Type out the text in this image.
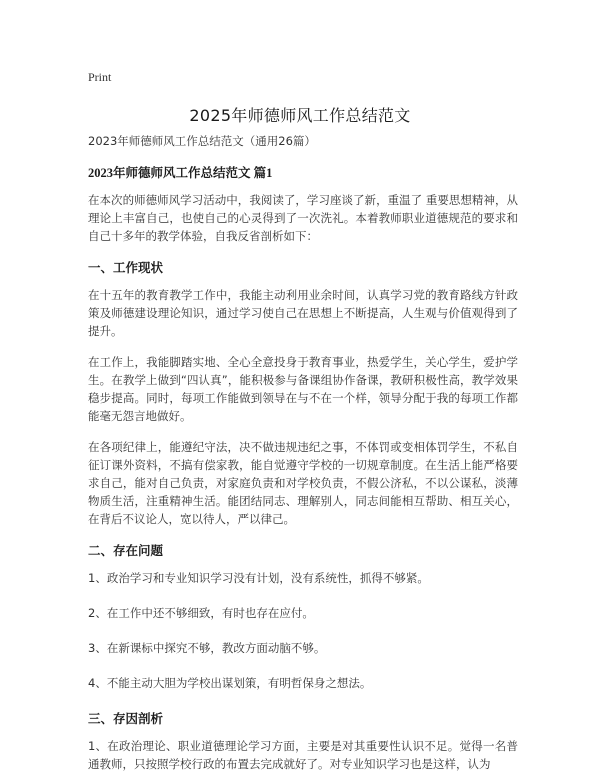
Print
2025年师德师风工作总结范文

2023年师德师风工作总结范文（通用26篇）

2023年师德师风工作总结范文 篇1

在本次的师德师风学习活动中，我阅读了，学习座谈了新，重温了 重要思想精神，从理论上丰富自己，也使自己的心灵得到了一次洗礼。本着教师职业道德规范的要求和自己十多年的教学体验，自我反省剖析如下：

一、工作现状

在十五年的教育教学工作中，我能主动利用业余时间，认真学习党的教育路线方针政策及师德建设理论知识，通过学习使自己在思想上不断提高，人生观与价值观得到了提升。

在工作上，我能脚踏实地、全心全意投身于教育事业，热爱学生，关心学生，爱护学生。在教学上做到“四认真”，能积极参与备课组协作备课，教研积极性高，教学效果稳步提高。同时，每项工作能做到领导在与不在一个样，领导分配于我的每项工作都能毫无怨言地做好。

在各项纪律上，能遵纪守法，决不做违规违纪之事，不体罚或变相体罚学生，不私自征订课外资料，不搞有偿家教，能自觉遵守学校的一切规章制度。在生活上能严格要求自己，能对自己负责，对家庭负责和对学校负责，不假公济私，不以公谋私，淡薄物质生活，注重精神生活。能团结同志、理解别人，同志间能相互帮助、相互关心，在背后不议论人，宽以待人，严以律己。

二、存在问题

1、政治学习和专业知识学习没有计划，没有系统性，抓得不够紧。

2、在工作中还不够细致，有时也存在应付。

3、在新课标中探究不够，教改方面动脑不够。

4、不能主动大胆为学校出谋划策，有明哲保身之想法。

三、存因剖析

1、在政治理论、职业道德理论学习方面，主要是对其重要性认识不足。觉得一名普通教师，只按照学校行政的布置去完成就好了。对专业知识学习也是这样，认为
